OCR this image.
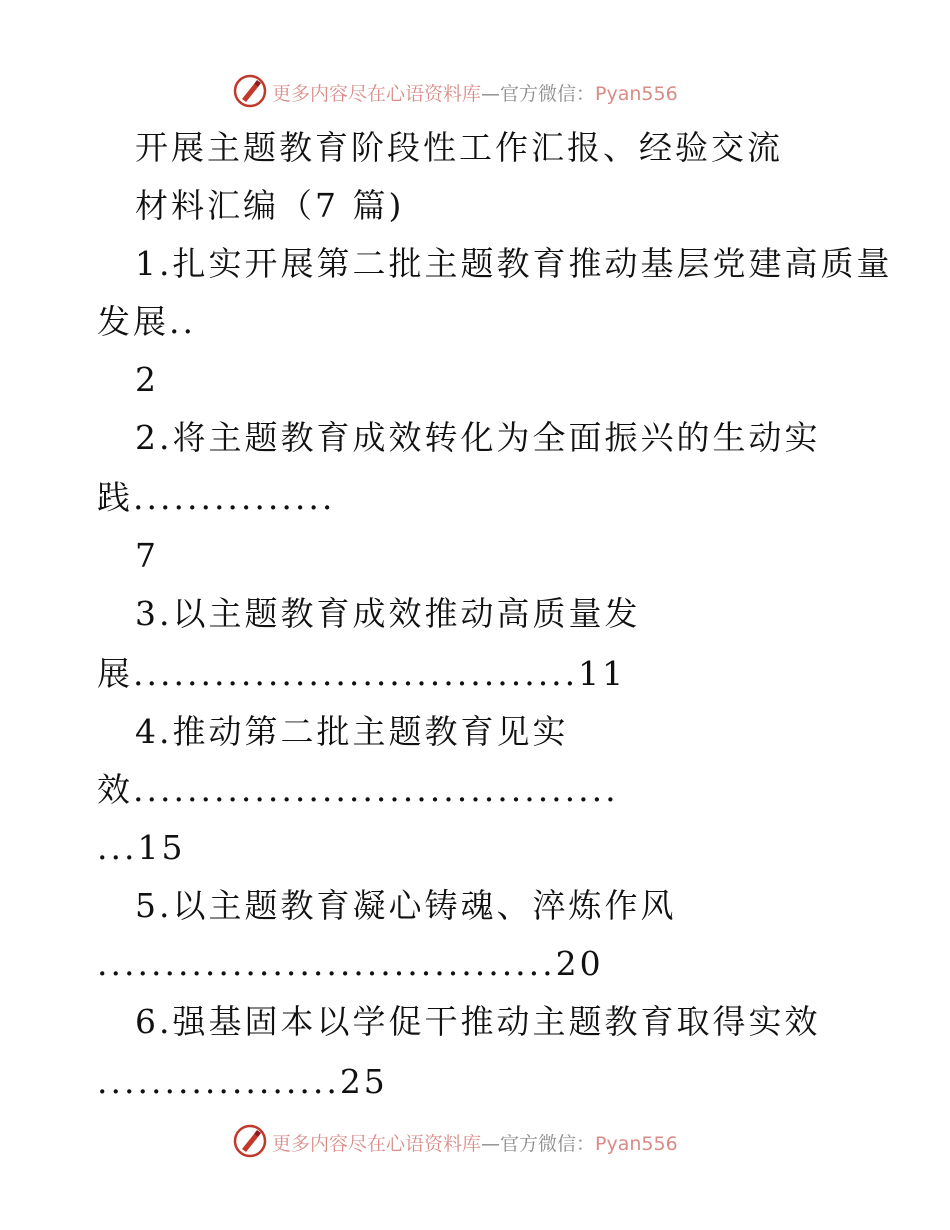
更多内容尽在心语资料库—官方微信：Pyan556
开展主题教育阶段性工作汇报、经验交流
材料汇编（7 篇)
1.扎实开展第二批主题教育推动基层党建高质量
发展..
2
2.将主题教育成效转化为全面振兴的生动实
践...............
7
3.以主题教育成效推动高质量发
展.................................11
4.推动第二批主题教育见实
效....................................
...15
5.以主题教育凝心铸魂、淬炼作风
..................................20
6.强基固本以学促干推动主题教育取得实效
..................25
更多内容尽在心语资料库—官方微信：Pyan556
